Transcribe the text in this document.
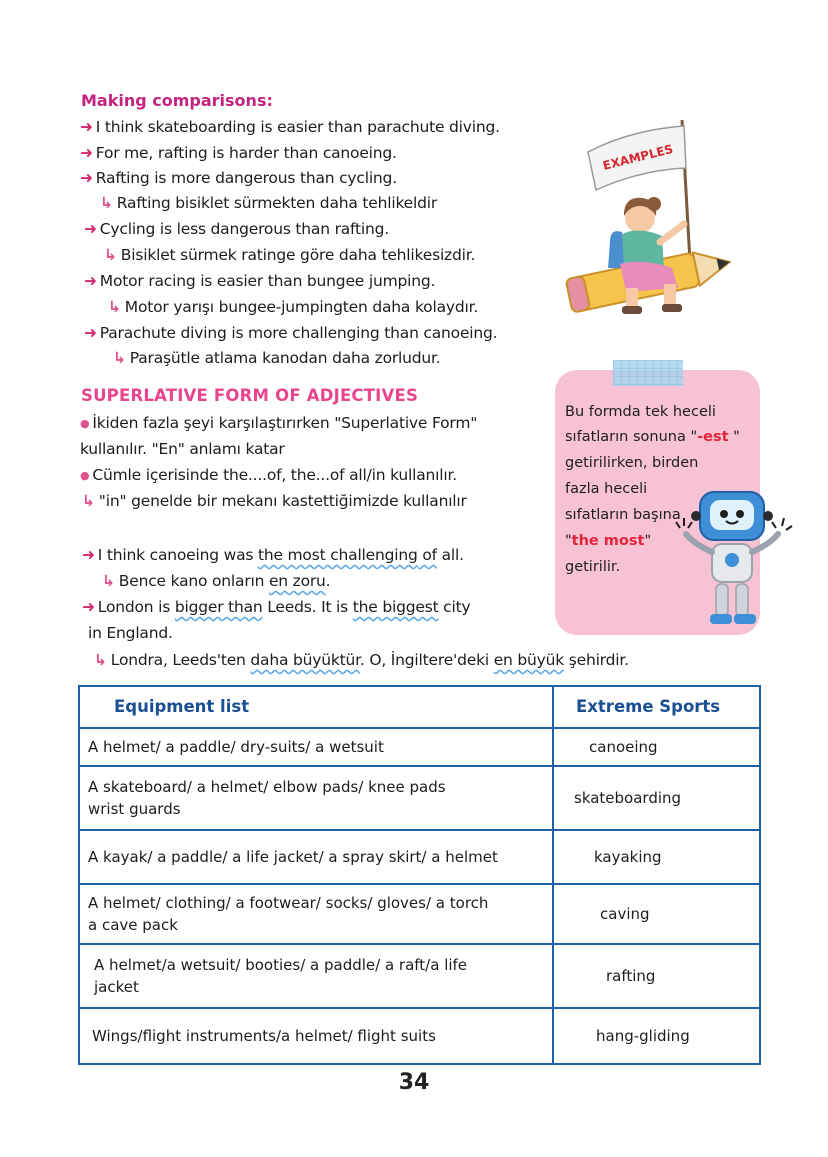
Making comparisons:
➜ I think skateboarding is easier than parachute diving.
➜ For me, rafting is harder than canoeing.
➜ Rafting is more dangerous than cycling.
↳ Rafting bisiklet sürmekten daha tehlikeldir
➜ Cycling is less dangerous than rafting.
↳ Bisiklet sürmek ratinge göre daha tehlikesizdir.
➜ Motor racing is easier than bungee jumping.
↳ Motor yarışı bungee-jumpingten daha kolaydır.
➜ Parachute diving is more challenging than canoeing.
↳ Paraşütle atlama kanodan daha zorludur.
EXAMPLES
SUPERLATIVE FORM OF ADJECTIVES
● İkiden fazla şeyi karşılaştırırken "Superlative Form"
kullanılır. "En" anlamı katar
● Cümle içerisinde the....of, the...of all/in kullanılır.
↳ "in" genelde bir mekanı kastettiğimizde kullanılır
➜ I think canoeing was the most challenging of all.
↳ Bence kano onların en zoru.
➜ London is bigger than Leeds. It is the biggest city
in England.
↳ Londra, Leeds'ten daha büyüktür. O, İngiltere'deki en büyük şehirdir.
Bu formda tek heceli
sıfatların sonuna "-est "
getirilirken, birden
fazla heceli
sıfatların başına
"the most"
getirilir.
Equipment list	Extreme Sports
A helmet/ a paddle/ dry-suits/ a wetsuit	canoeing
A skateboard/ a helmet/ elbow pads/ knee pads
wrist guards	skateboarding
A kayak/ a paddle/ a life jacket/ a spray skirt/ a helmet	kayaking
A helmet/ clothing/ a footwear/ socks/ gloves/ a torch
a cave pack	caving
A helmet/a wetsuit/ booties/ a paddle/ a raft/a life
jacket	rafting
Wings/flight instruments/a helmet/ flight suits	hang-gliding
34
